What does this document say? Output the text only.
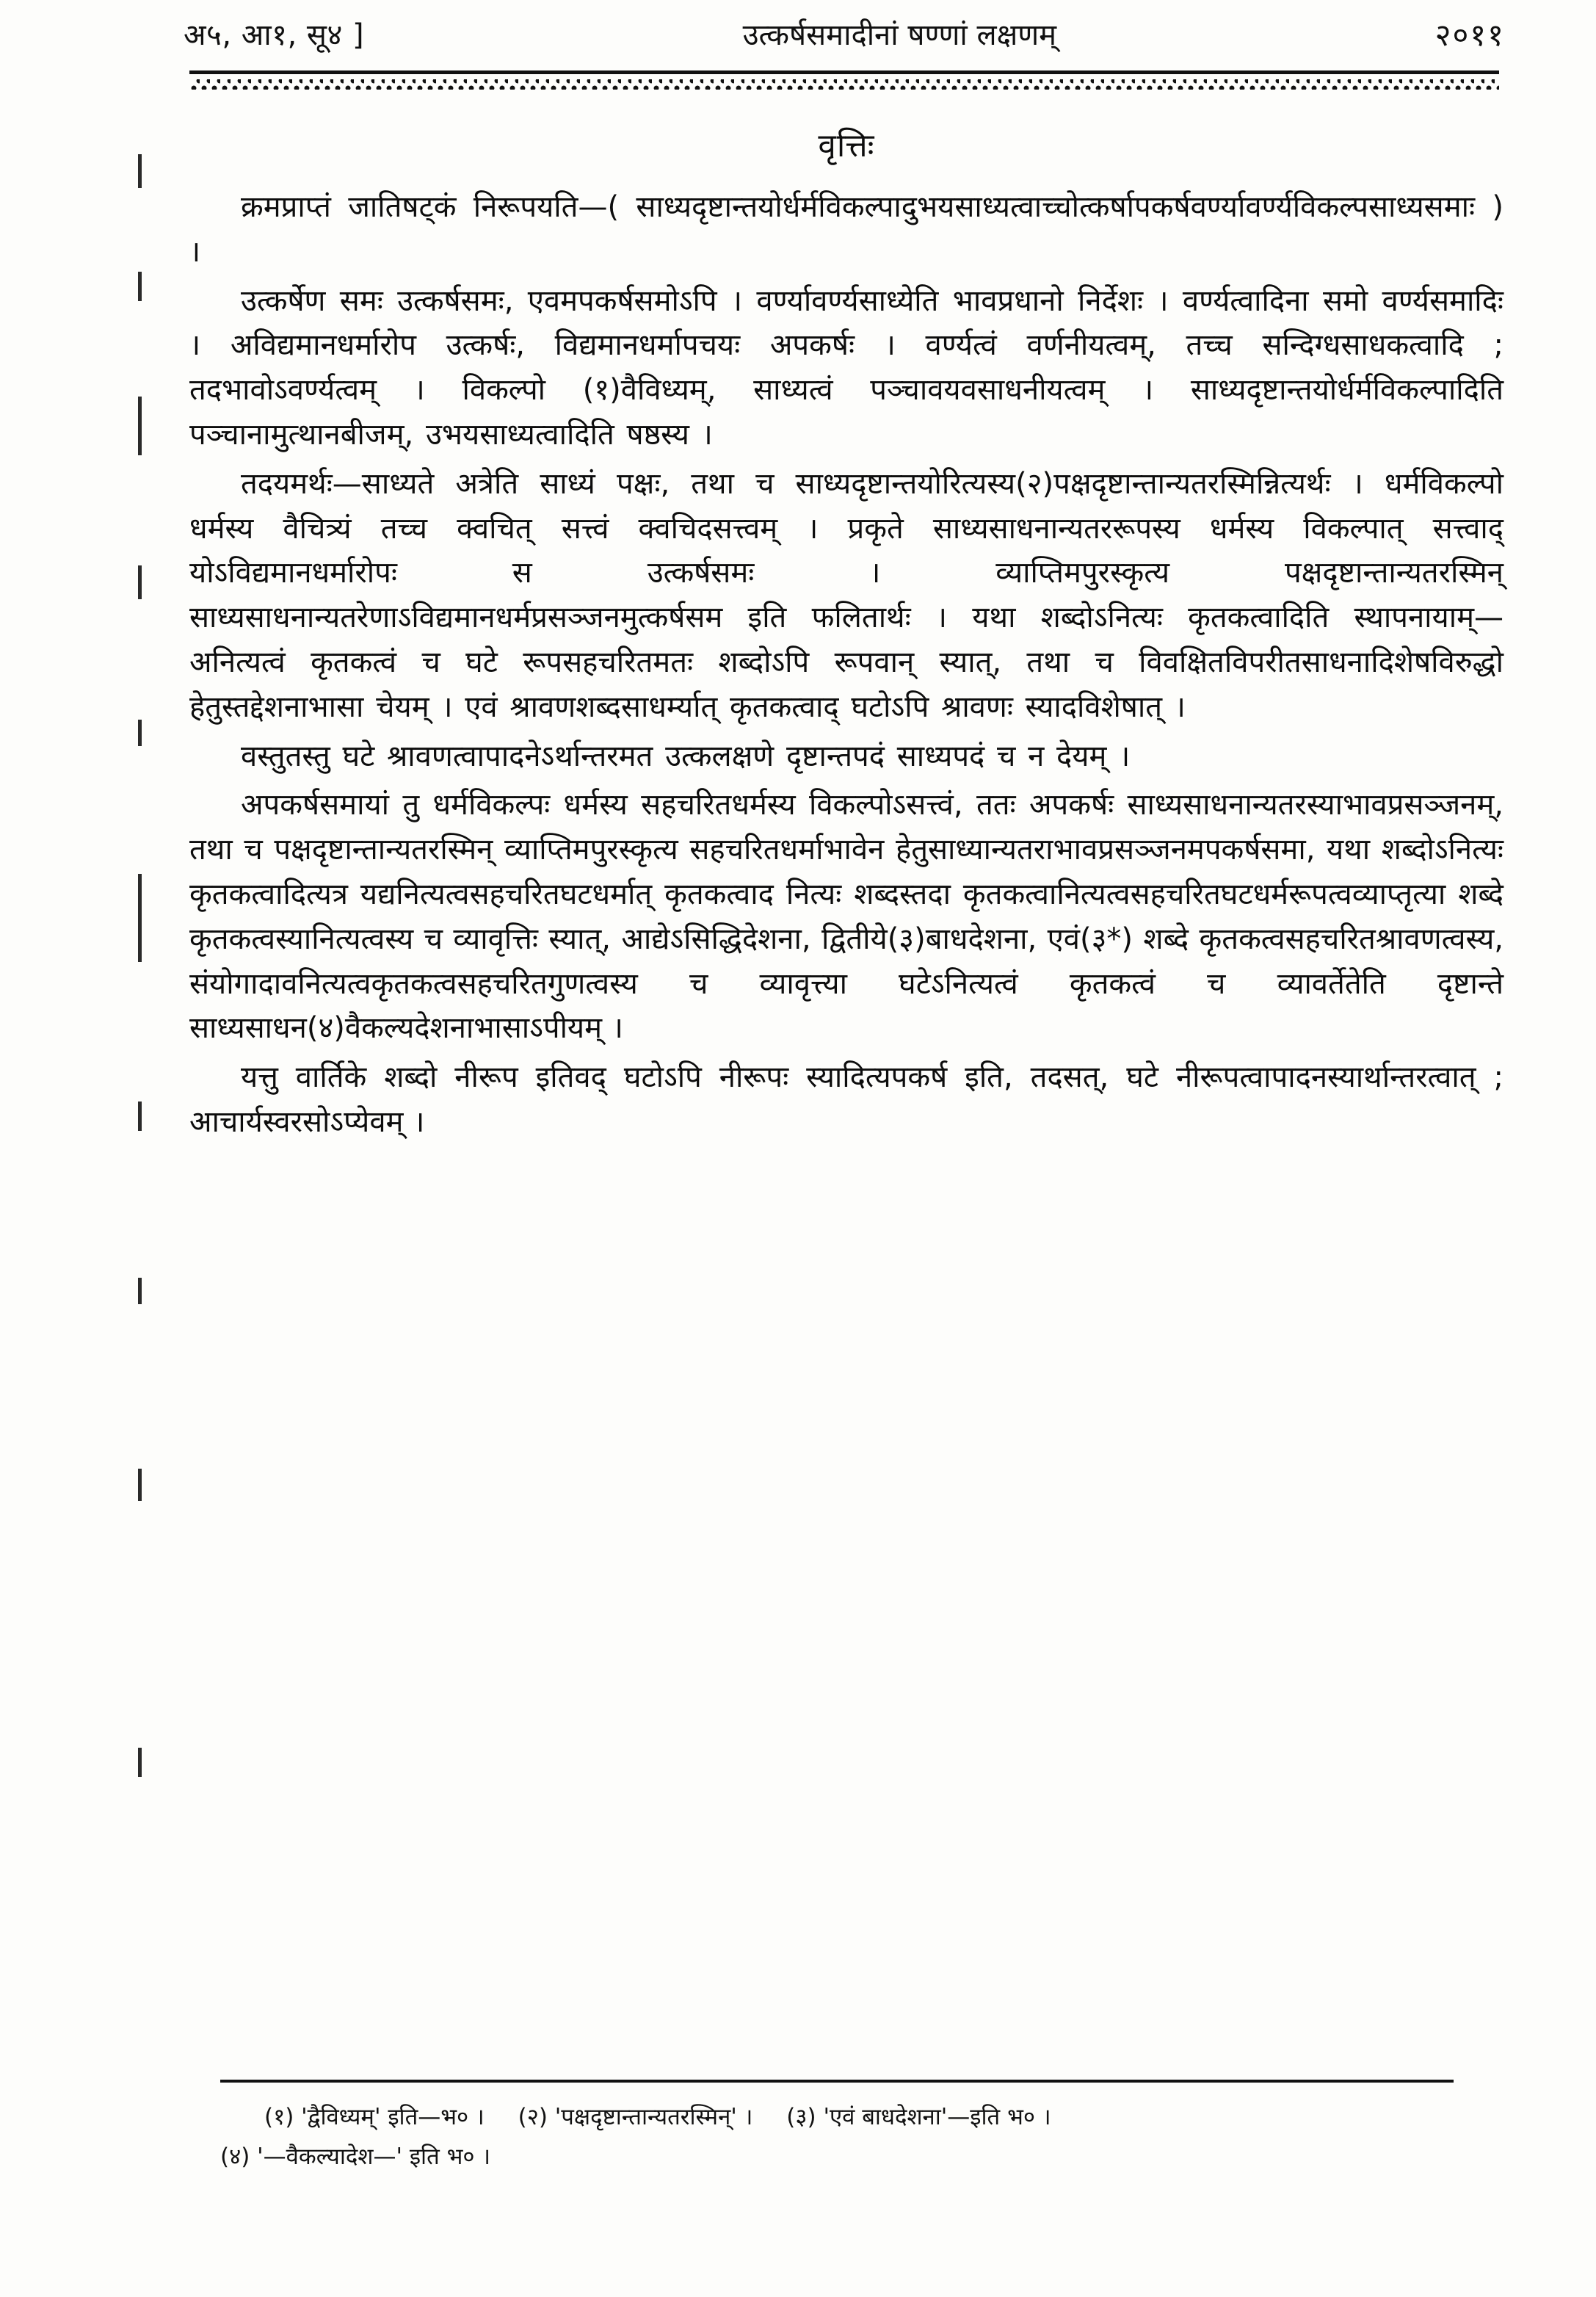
अ५, आ१, सू४ ]	उत्कर्षसमादीनां षण्णां लक्षणम्	२०११
वृत्तिः

क्रमप्राप्तं जातिषट्कं निरूपयति—( साध्यदृष्टान्तयोर्धर्मविकल्पादुभयसाध्यत्वाच्चोत्कर्षापकर्षवर्ण्यावर्ण्यविकल्पसाध्यसमाः ) ।

उत्कर्षेण समः उत्कर्षसमः, एवमपकर्षसमोऽपि । वर्ण्यावर्ण्यसाध्येति भावप्रधानो निर्देशः । वर्ण्यत्वादिना समो वर्ण्यसमादिः । अविद्यमानधर्मारोप उत्कर्षः, विद्यमानधर्मापचयः अपकर्षः । वर्ण्यत्वं वर्णनीयत्वम्, तच्च सन्दिग्धसाधकत्वादि ; तदभावोऽवर्ण्यत्वम् । विकल्पो (१)वैविध्यम्, साध्यत्वं पञ्चावयवसाधनीयत्वम् । साध्यदृष्टान्तयोर्धर्मविकल्पादिति पञ्चानामुत्थानबीजम्, उभयसाध्यत्वादिति षष्ठस्य ।

तदयमर्थः—साध्यते अत्रेति साध्यं पक्षः, तथा च साध्यदृष्टान्तयोरित्यस्य(२)पक्षदृष्टान्तान्यतरस्मिन्नित्यर्थः । धर्मविकल्पो धर्मस्य वैचित्र्यं तच्च क्वचित् सत्त्वं क्वचिदसत्त्वम् । प्रकृते साध्यसाधनान्यतररूपस्य धर्मस्य विकल्पात् सत्त्वाद् योऽविद्यमानधर्मारोपः स उत्कर्षसमः । व्याप्तिमपुरस्कृत्य पक्षदृष्टान्तान्यतरस्मिन् साध्यसाधनान्यतरेणाऽविद्यमानधर्मप्रसञ्जनमुत्कर्षसम इति फलितार्थः । यथा शब्दोऽनित्यः कृतकत्वादिति स्थापनायाम्—अनित्यत्वं कृतकत्वं च घटे रूपसहचरितमतः शब्दोऽपि रूपवान् स्यात्, तथा च विवक्षितविपरीतसाधनादिशेषविरुद्धो हेतुस्तद्देशनाभासा चेयम् । एवं श्रावणशब्दसाधर्म्यात् कृतकत्वाद् घटोऽपि श्रावणः स्यादविशेषात् ।

वस्तुतस्तु घटे श्रावणत्वापादनेऽर्थान्तरमत उत्कलक्षणे दृष्टान्तपदं साध्यपदं च न देयम् ।

अपकर्षसमायां तु धर्मविकल्पः धर्मस्य सहचरितधर्मस्य विकल्पोऽसत्त्वं, ततः अपकर्षः साध्यसाधनान्यतरस्याभावप्रसञ्जनम्, तथा च पक्षदृष्टान्तान्यतरस्मिन् व्याप्तिमपुरस्कृत्य सहचरितधर्माभावेन हेतुसाध्यान्यतराभावप्रसञ्जनमपकर्षसमा, यथा शब्दोऽनित्यः कृतकत्वादित्यत्र यद्यनित्यत्वसहचरितघटधर्मात् कृतकत्वाद नित्यः शब्दस्तदा कृतकत्वानित्यत्वसहचरितघटधर्मरूपत्वव्याप्तृत्या शब्दे कृतकत्वस्यानित्यत्वस्य च व्यावृत्तिः स्यात्, आद्येऽसिद्धिदेशना, द्वितीये(३)बाधदेशना, एवं(३*) शब्दे कृतकत्वसहचरितश्रावणत्वस्य, संयोगादावनित्यत्वकृतकत्वसहचरितगुणत्वस्य च व्यावृत्त्या घटेऽनित्यत्वं कृतकत्वं च व्यावर्तेतेति दृष्टान्ते साध्यसाधन(४)वैकल्यदेशनाभासाऽपीयम् ।

यत्तु वार्तिके शब्दो नीरूप इतिवद् घटोऽपि नीरूपः स्यादित्यपकर्ष इति, तदसत्, घटे नीरूपत्वापादनस्यार्थान्तरत्वात् ; आचार्यस्वरसोऽप्येवम् ।

(१) 'द्वैविध्यम्' इति—भ० । (२) 'पक्षदृष्टान्तान्यतरस्मिन्' । (३) 'एवं बाधदेशना'—इति भ० ।
(४) '—वैकल्यादेश—' इति भ० ।
